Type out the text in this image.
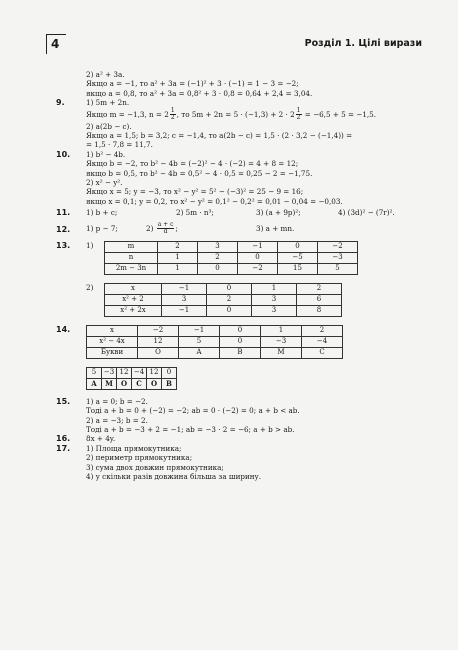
4	Розділ 1. Цілі вирази
2) a² + 3a.
Якщо a = −1, то a² + 3a = (−1)² + 3 · (−1) = 1 − 3 = −2;
якщо a = 0,8, то a² + 3a = 0,8² + 3 · 0,8 = 0,64 + 2,4 = 3,04.
9.	1) 5m + 2n.
Якщо m = −1,3, $n = 2 \frac{1}{2}$ , то $5m + 2n = 5 \cdot (-1,3) + 2 \cdot 2 \frac{1}{2} = -6,5 + 5 = -1,5$.
2) a(2b − c).
Якщо a = 1,5; b = 3,2; c = −1,4, то a(2b − c) = 1,5 · (2 · 3,2 − (−1,4)) =
= 1,5 · 7,8 = 11,7.
10. 1) b² − 4b.
Якщо b = −2, то b² − 4b = (−2)² − 4 · (−2) = 4 + 8 = 12;
якщо b = 0,5, то b² − 4b = 0,5² − 4 · 0,5 = 0,25 − 2 = −1,75.
2) x² − y².
Якщо x = 5; y = −3, то x² − y² = 5² − (−3)² = 25 − 9 = 16;
якщо x = 0,1; y = 0,2, то x² − y² = 0,1² − 0,2² = 0,01 − 0,04 = −0,03.
11. 1) b + c;	2) 5m · n³;	3) (a + 9p)²;	4) (3d)² − (7r)².
12. 1) p − 7;	$2) \frac{a + c}{d}$ ;	3) a + mn.
13. 1)	m	2	3	−1	0	−2
n	1	2	0	−5	−3
2m − 3n	1	0	−2	15	5
2)	x	−1	0	1	2
x² + 2	3	2	3	6
x² + 2x	−1	0	3	8
14.	x	−2	−1	0	1	2
x² − 4x	12	5	0	−3	−4
Букви	О	А	В	М	С
5	−3	12	−4	12	0
А	М	О	С	О	В
15. 1) a = 0; b = −2.
Тоді a + b = 0 + (−2) = −2; ab = 0 · (−2) = 0; a + b < ab.
2) a = −3; b = 2.
Тоді a + b = −3 + 2 = −1; ab = −3 · 2 = −6; a + b > ab.
16. 8x + 4y.
17. 1) Площа прямокутника;
2) периметр прямокутника;
3) сума двох довжин прямокутника;
4) у скільки разів довжина більша за ширину.
